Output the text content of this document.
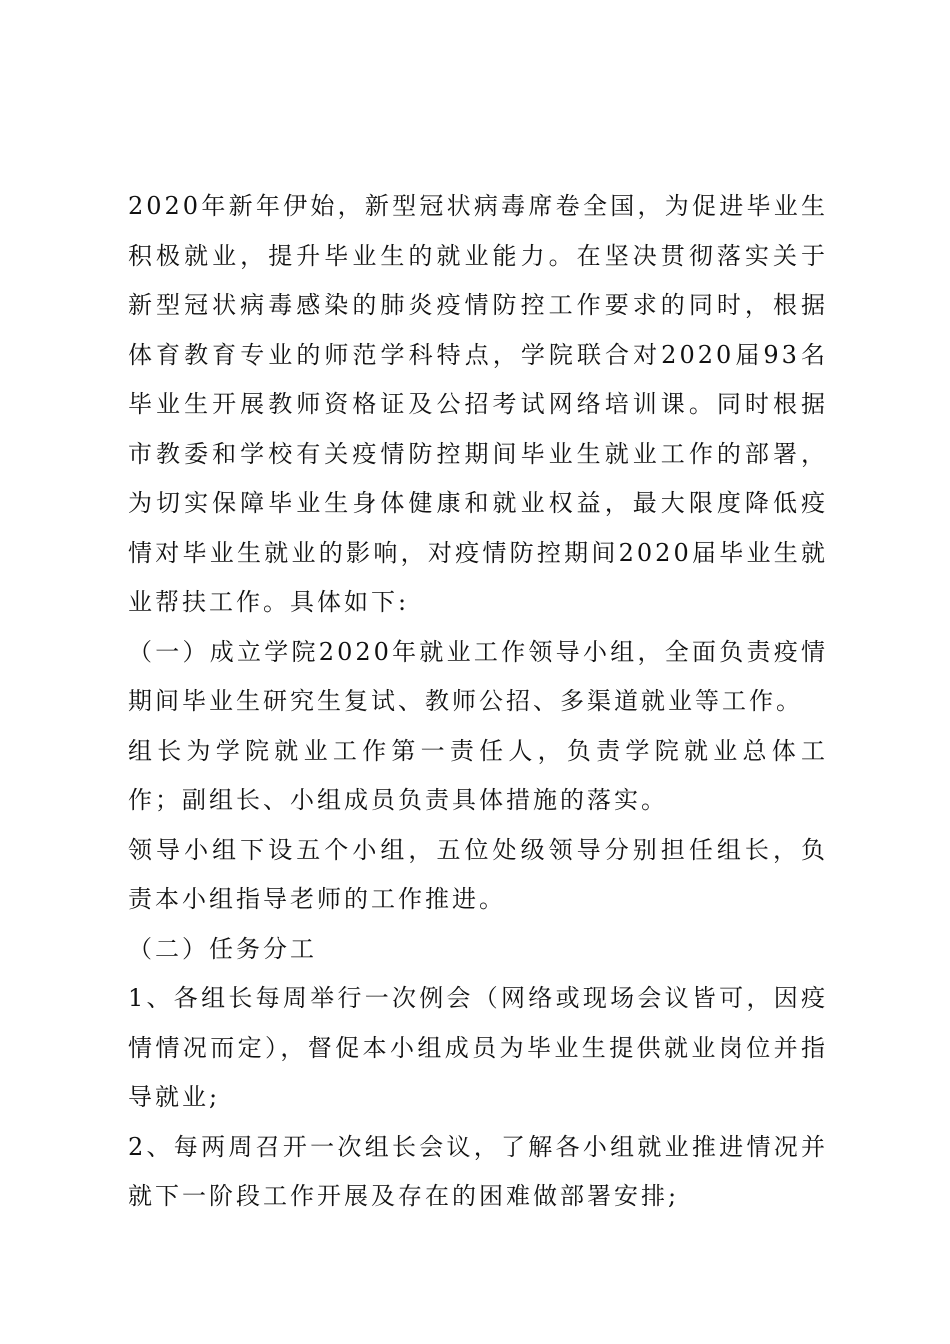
2020年新年伊始，新型冠状病毒席卷全国，为促进毕业生积极就业，提升毕业生的就业能力。在坚决贯彻落实关于新型冠状病毒感染的肺炎疫情防控工作要求的同时，根据体育教育专业的师范学科特点，学院联合对2020届93名毕业生开展教师资格证及公招考试网络培训课。同时根据市教委和学校有关疫情防控期间毕业生就业工作的部署，为切实保障毕业生身体健康和就业权益，最大限度降低疫情对毕业生就业的影响，对疫情防控期间2020届毕业生就业帮扶工作。具体如下:

（一）成立学院2020年就业工作领导小组，全面负责疫情期间毕业生研究生复试、教师公招、多渠道就业等工作。

组长为学院就业工作第一责任人，负责学院就业总体工作；副组长、小组成员负责具体措施的落实。

领导小组下设五个小组，五位处级领导分别担任组长，负责本小组指导老师的工作推进。

（二）任务分工

1、各组长每周举行一次例会（网络或现场会议皆可，因疫情情况而定），督促本小组成员为毕业生提供就业岗位并指导就业;

2、每两周召开一次组长会议，了解各小组就业推进情况并就下一阶段工作开展及存在的困难做部署安排;
